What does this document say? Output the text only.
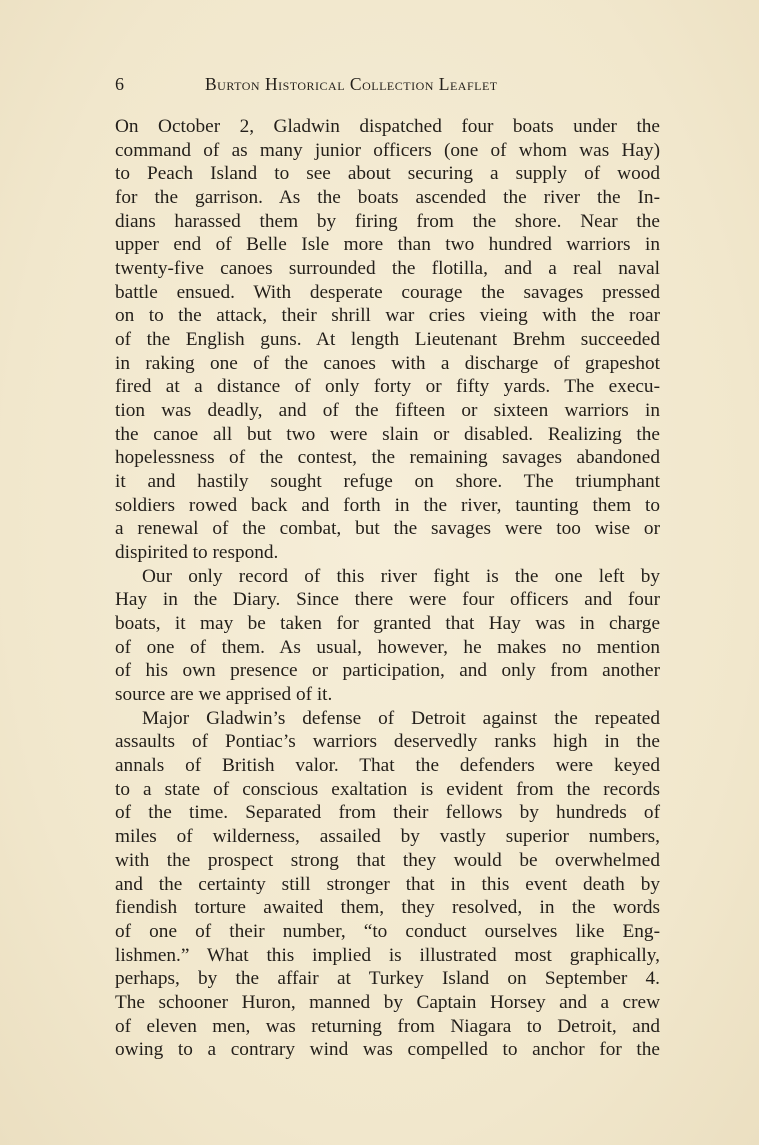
6	Burton Historical Collection Leaflet
On October 2, Gladwin dispatched four boats under the
command of as many junior officers (one of whom was Hay)
to Peach Island to see about securing a supply of wood
for the garrison. As the boats ascended the river the In-
dians harassed them by firing from the shore. Near the
upper end of Belle Isle more than two hundred warriors in
twenty-five canoes surrounded the flotilla, and a real naval
battle ensued. With desperate courage the savages pressed
on to the attack, their shrill war cries vieing with the roar
of the English guns. At length Lieutenant Brehm succeeded
in raking one of the canoes with a discharge of grapeshot
fired at a distance of only forty or fifty yards. The execu-
tion was deadly, and of the fifteen or sixteen warriors in
the canoe all but two were slain or disabled. Realizing the
hopelessness of the contest, the remaining savages abandoned
it and hastily sought refuge on shore. The triumphant
soldiers rowed back and forth in the river, taunting them to
a renewal of the combat, but the savages were too wise or
dispirited to respond.
Our only record of this river fight is the one left by
Hay in the Diary. Since there were four officers and four
boats, it may be taken for granted that Hay was in charge
of one of them. As usual, however, he makes no mention
of his own presence or participation, and only from another
source are we apprised of it.
Major Gladwin’s defense of Detroit against the repeated
assaults of Pontiac’s warriors deservedly ranks high in the
annals of British valor. That the defenders were keyed
to a state of conscious exaltation is evident from the records
of the time. Separated from their fellows by hundreds of
miles of wilderness, assailed by vastly superior numbers,
with the prospect strong that they would be overwhelmed
and the certainty still stronger that in this event death by
fiendish torture awaited them, they resolved, in the words
of one of their number, “to conduct ourselves like Eng-
lishmen.” What this implied is illustrated most graphically,
perhaps, by the affair at Turkey Island on September 4.
The schooner Huron, manned by Captain Horsey and a crew
of eleven men, was returning from Niagara to Detroit, and
owing to a contrary wind was compelled to anchor for the
